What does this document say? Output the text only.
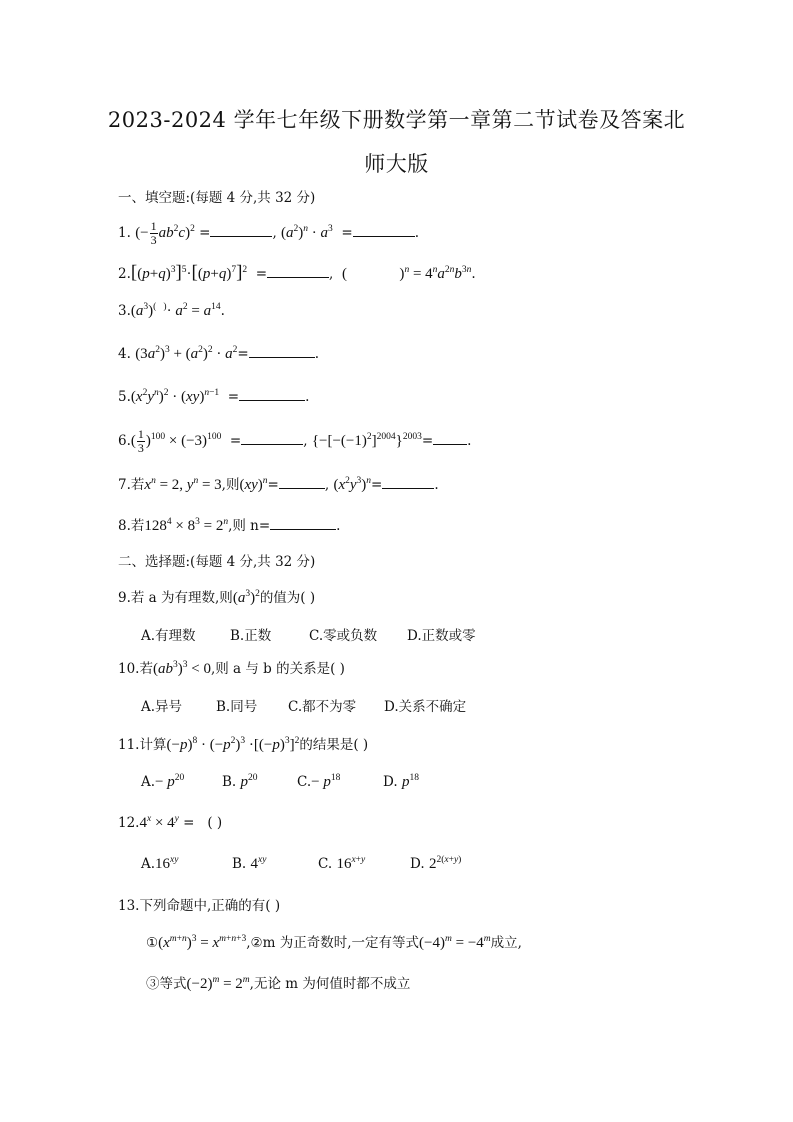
2023-2024 学年七年级下册数学第一章第二节试卷及答案北
师大版
一、填空题:(每题 4 分,共 32 分)
1. (− $\frac{1}{3} ab^2c)^2$ =	, $(a^2)^n \cdot a^3$  =	.
$2.[(p+q)^3]^5\cdot[(p+q)^7]^2$  =	, (              )$^n = 4^na^{2n}b^{3n}$.
$3.(a^3)^{( )}\cdot a^2 = a^{14}$.
4. $(3a^2)^3 + (a^2)^2 \cdot a^2=$	.
$5.(x^2y^n)^2 \cdot (xy)^{n-1}$  =	.
$6.( \frac{1}{3} )^{100} \times (-3)^{100}$  =	, $\{-[-(-1)^2]^{2004}\}^{2003}=$	.
7.若$x^n = 2$, $y^n = 3$,则(xy)$^n$=	, $(x^2y^3)^n=$	.
8.若$128^4 \times 8^3 = 2^n$,则 n=	.
二、选择题:(每题 4 分,共 32 分)
9.若 a 为有理数,则$(a^3)^2$的值为( )
A.有理数	B.正数	C.零或负数 D.正数或零
10.若$(ab^3)^3 < 0$,则 a 与 b 的关系是( )
A.异号	B.同号 C.都不为零 D.关系不确定
11.计算$(-p)^8 \cdot (-p^2)^3 \cdot[(-p)^3]^2$的结果是( )
$A.- p^{20}$	B. $p^{20}$	$C.- p^{18}$	D. $p^{18}$
$12.4^x \times 4^y$ =   ( )
$A.16^{xy}$	B. $4^{xy}$	C. $16^{x+y}$	D. $2^{2(x+y)}$
13.下列命题中,正确的有( )
$①(x^{m+n})^3$ = $x^{m+n+3},②m$ 为正奇数时,一定有等式$(-4)^m = -4^m$成立,
③等式$(-2)^m = 2^m$,无论 m 为何值时都不成立
